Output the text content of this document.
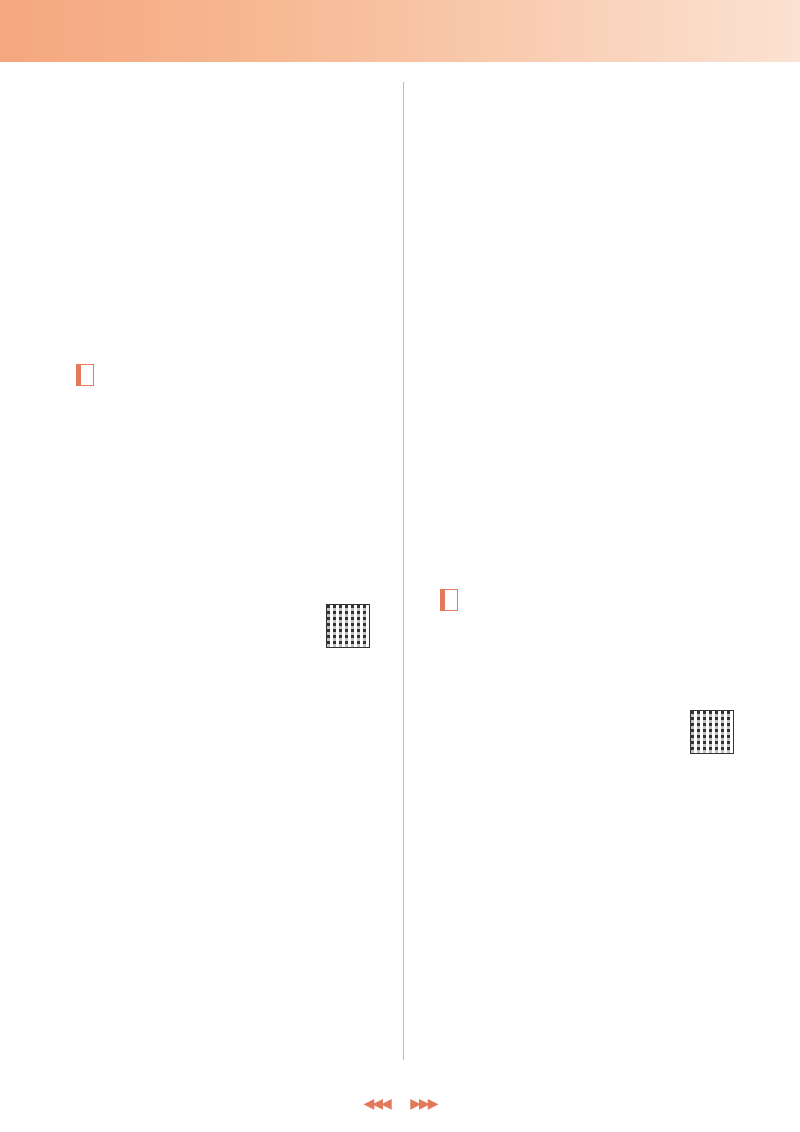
◀◀◀ ▶▶▶
